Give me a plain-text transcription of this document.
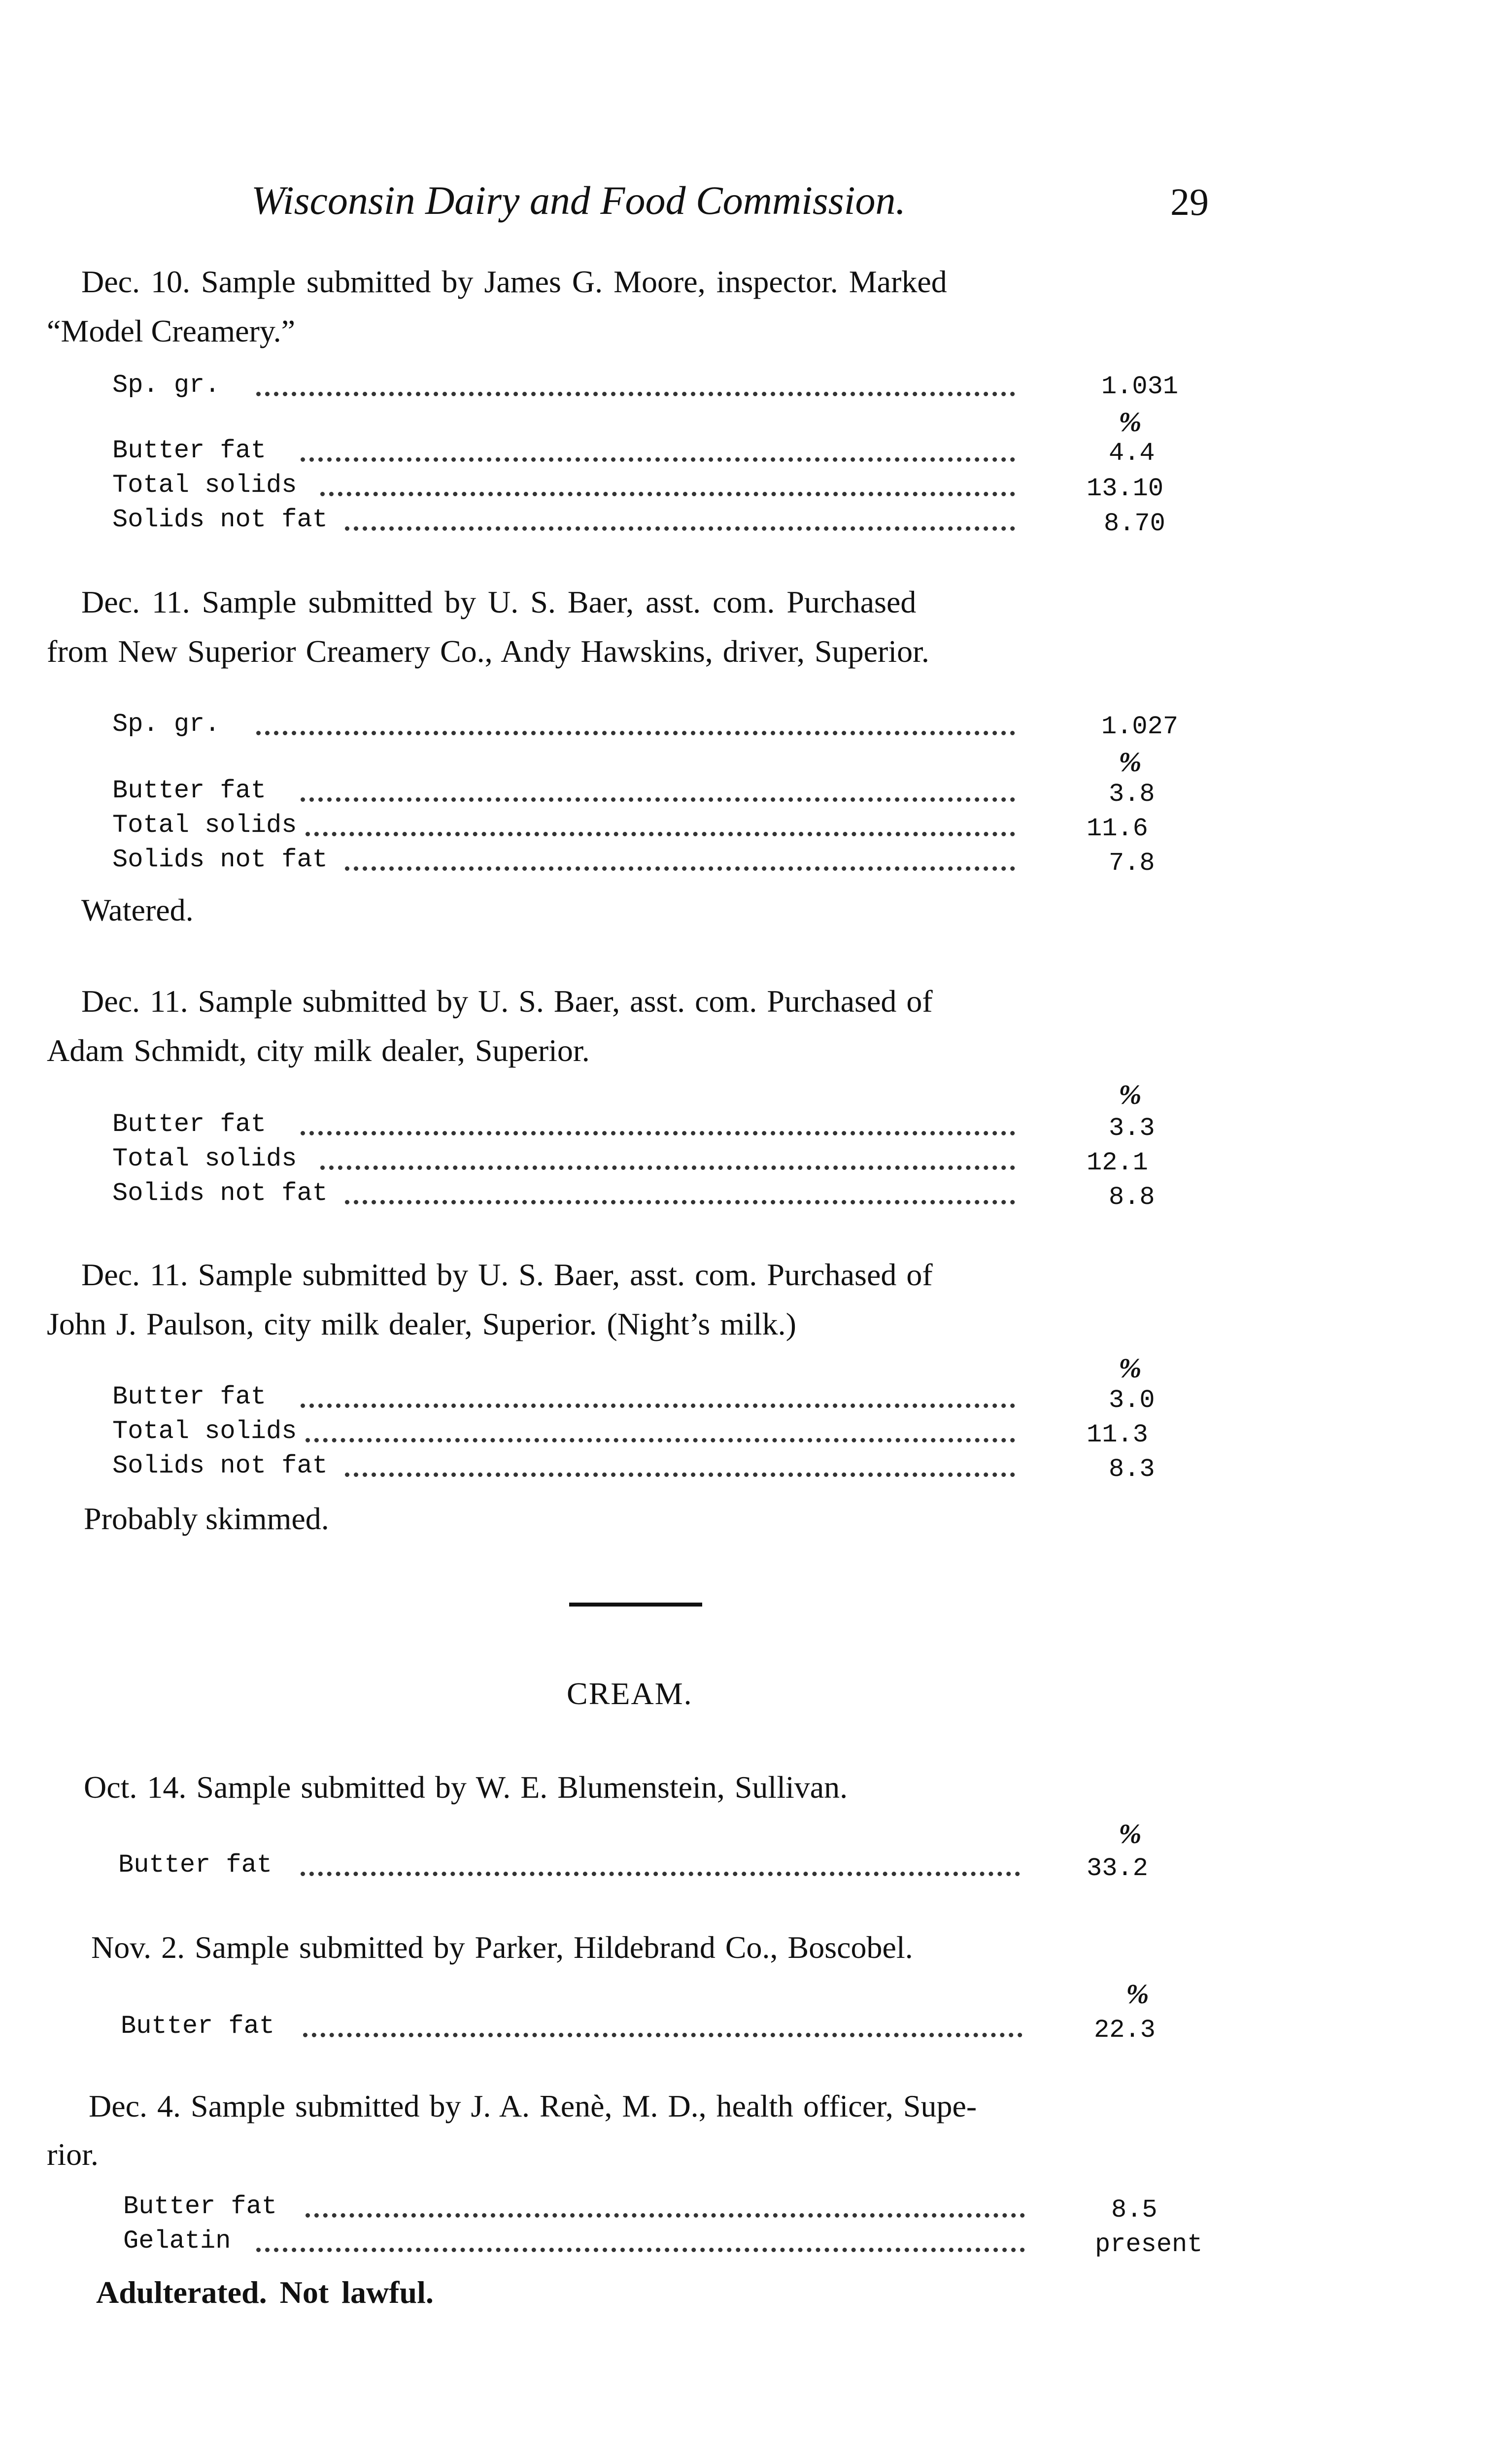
Wisconsin Dairy and Food Commission.	29
Dec. 10. Sample submitted by James G. Moore, inspector. Marked
“Model Creamery.”
Sp. gr.	1.031
%
Butter fat	4.4
Total solids	13.10
Solids not fat	8.70
Dec. 11. Sample submitted by U. S. Baer, asst. com. Purchased
from New Superior Creamery Co., Andy Hawskins, driver, Superior.
Sp. gr.	1.027
%
Butter fat	3.8
Total solids	11.6
Solids not fat	7.8
Watered.
Dec. 11. Sample submitted by U. S. Baer, asst. com. Purchased of
Adam Schmidt, city milk dealer, Superior.
%
Butter fat	3.3
Total solids	12.1
Solids not fat	8.8
Dec. 11. Sample submitted by U. S. Baer, asst. com. Purchased of
John J. Paulson, city milk dealer, Superior. (Night’s milk.)
%
Butter fat	3.0
Total solids	11.3
Solids not fat	8.3
Probably skimmed.
CREAM.
Oct. 14. Sample submitted by W. E. Blumenstein, Sullivan.
%
Butter fat	33.2
Nov. 2. Sample submitted by Parker, Hildebrand Co., Boscobel.
%
Butter fat	22.3
Dec. 4. Sample submitted by J. A. Renè, M. D., health officer, Supe-
rior.
Butter fat	8.5
Gelatin	present
Adulterated. Not lawful.
